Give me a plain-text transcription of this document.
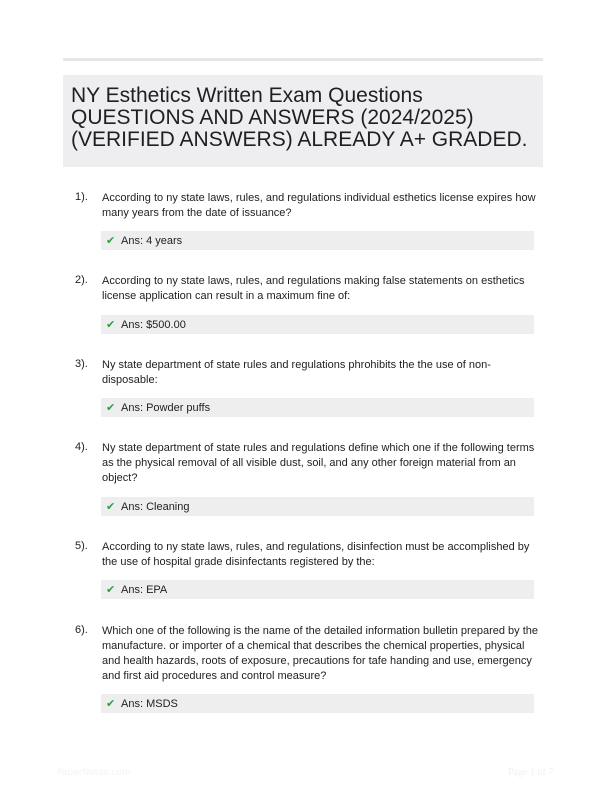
NY Esthetics Written Exam Questions

QUESTIONS AND ANSWERS (2024/2025)

(VERIFIED ANSWERS) ALREADY A+ GRADED.

1). According to ny state laws, rules, and regulations individual esthetics license expires how many years from the date of issuance?
✔ Ans: 4 years
2). According to ny state laws, rules, and regulations making false statements on esthetics license application can result in a maximum fine of:
✔ Ans: $500.00
3). Ny state department of state rules and regulations phrohibits the the use of non-disposable:
✔ Ans: Powder puffs
4). Ny state department of state rules and regulations define which one if the following terms as the physical removal of all visible dust, soil, and any other foreign material from an object?
✔ Ans: Cleaning
5). According to ny state laws, rules, and regulations, disinfection must be accomplished by the use of hospital grade disinfectants registered by the:
✔ Ans: EPA
6). Which one of the following is the name of the detailed information bulletin prepared by the manufacture. or importer of a chemical that describes the chemical properties, physical and health hazards, roots of exposure, precautions for tafe handing and use, emergency and first aid procedures and control measure?
✔ Ans: MSDS
PaperNotes.com	Page 1 of 7
